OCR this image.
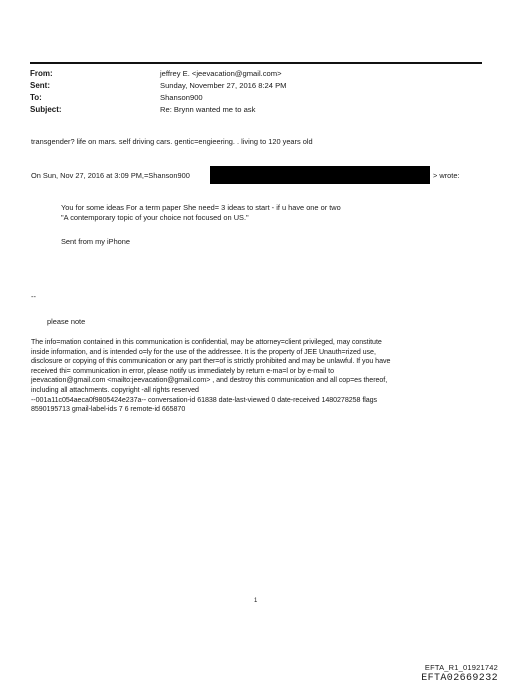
From:	jeffrey E. <jeevacation@gmail.com>
Sent:	Sunday, November 27, 2016 8:24 PM
To:	Shanson900
Subject:	Re: Brynn wanted me to ask
transgender? life on mars. self driving cars. gentic=engieering. . living to 120 years old
On Sun, Nov 27, 2016 at 3:09 PM,=Shanson900	> wrote:
You for some ideas For a term paper She need= 3 ideas to start - if u have one or two
"A contemporary topic of your choice not focused on US."
Sent from my iPhone
--
please note
The info=mation contained in this communication is confidential, may be attorney=client privileged, may constitute
inside information, and is intended o=ly for the use of the addressee. It is the property of JEE Unauth=rized use,
disclosure or copying of this communication or any part ther=of is strictly prohibited and may be unlawful. If you have
received thi= communication in error, please notify us immediately by return e-ma=l or by e-mail to
jeevacation@gmail.com <mailto:jeevacation@gmail.com> , and destroy this communication and all cop=es thereof,
including all attachments. copyright -all rights reserved
--001a11c054aeca0f9805424e237a-- conversation-id 61838 date-last-viewed 0 date-received 1480278258 flags
8590195713 gmail-label-ids 7 6 remote-id 665870
1
EFTA_R1_01921742
EFTA02669232
